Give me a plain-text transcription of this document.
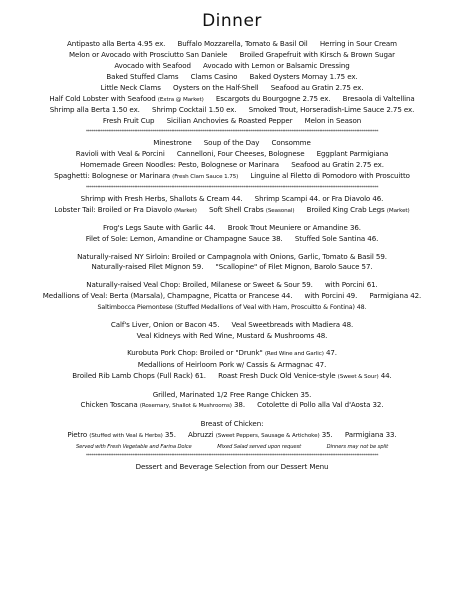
Dinner
Antipasto alla Berta 4.95 ex. Buffalo Mozzarella, Tomato & Basil Oil Herring in Sour Cream
Melon or Avocado with Prosciutto San Daniele Broiled Grapefruit with Kirsch & Brown Sugar
Avocado with Seafood Avocado with Lemon or Balsamic Dressing
Baked Stuffed Clams Clams Casino Baked Oysters Mornay 1.75 ex.
Little Neck Clams Oysters on the Half-Shell Seafood au Gratin 2.75 ex.
Half Cold Lobster with Seafood (Extra @ Market) Escargots du Bourgogne 2.75 ex. Bresaola di Valtellina
Shrimp alla Berta 1.50 ex. Shrimp Cocktail 1.50 ex. Smoked Trout, Horseradish-Lime Sauce 2.75 ex.
Fresh Fruit Cup Sicilian Anchovies & Roasted Pepper Melon in Season
**************************************************************************************************************************************************************
Minestrone Soup of the Day Consomme
Ravioli with Veal & Porcini Cannelloni, Four Cheeses, Bolognese Eggplant Parmigiana
Homemade Green Noodles: Pesto, Bolognese or Marinara Seafood au Gratin 2.75 ex.
Spaghetti: Bolognese or Marinara (Fresh Clam Sauce 1.75) Linguine al Filetto di Pomodoro with Proscuitto
**************************************************************************************************************************************************************
Shrimp with Fresh Herbs, Shallots & Cream 44. Shrimp Scampi 44. or Fra Diavolo 46.
Lobster Tail: Broiled or Fra Diavolo (Market) Soft Shell Crabs (Seasonal) Broiled King Crab Legs (Market)
Frog's Legs Saute with Garlic 44. Brook Trout Meuniere or Amandine 36.
Filet of Sole: Lemon, Amandine or Champagne Sauce 38. Stuffed Sole Santina 46.
Naturally-raised NY Sirloin: Broiled or Campagnola with Onions, Garlic, Tomato & Basil 59.
Naturally-raised Filet Mignon 59. "Scallopine" of Filet Mignon, Barolo Sauce 57.
Naturally-raised Veal Chop: Broiled, Milanese or Sweet & Sour 59. with Porcini 61.
Medallions of Veal: Berta (Marsala), Champagne, Picatta or Francese 44. with Porcini 49. Parmigiana 42.
Saltimbocca Piemontese (Stuffed Medallions of Veal with Ham, Proscuitto & Fontina) 48.
Calf's Liver, Onion or Bacon 45. Veal Sweetbreads with Madiera 48.
Veal Kidneys with Red Wine, Mustard & Mushrooms 48.
Kurobuta Pork Chop: Broiled or "Drunk" (Red Wine and Garlic) 47.
Medallions of Heirloom Pork w/ Cassis & Armagnac 47.
Broiled Rib Lamb Chops (Full Rack) 61. Roast Fresh Duck Old Venice-style (Sweet & Sour) 44.
Grilled, Marinated 1/2 Free Range Chicken 35.
Chicken Toscana (Rosemary, Shallot & Mushrooms) 38. Cotolette di Pollo alla Val d'Aosta 32.
Breast of Chicken:
Pietro (Stuffed with Veal & Herbs) 35. Abruzzi (Sweet Peppers, Sausage & Artichoke) 35. Parmigiana 33.
Served with Fresh Vegetable and Farina Dolce	Mixed Salad served upon request	Dinners may not be split
**************************************************************************************************************************************************************
Dessert and Beverage Selection from our Dessert Menu
